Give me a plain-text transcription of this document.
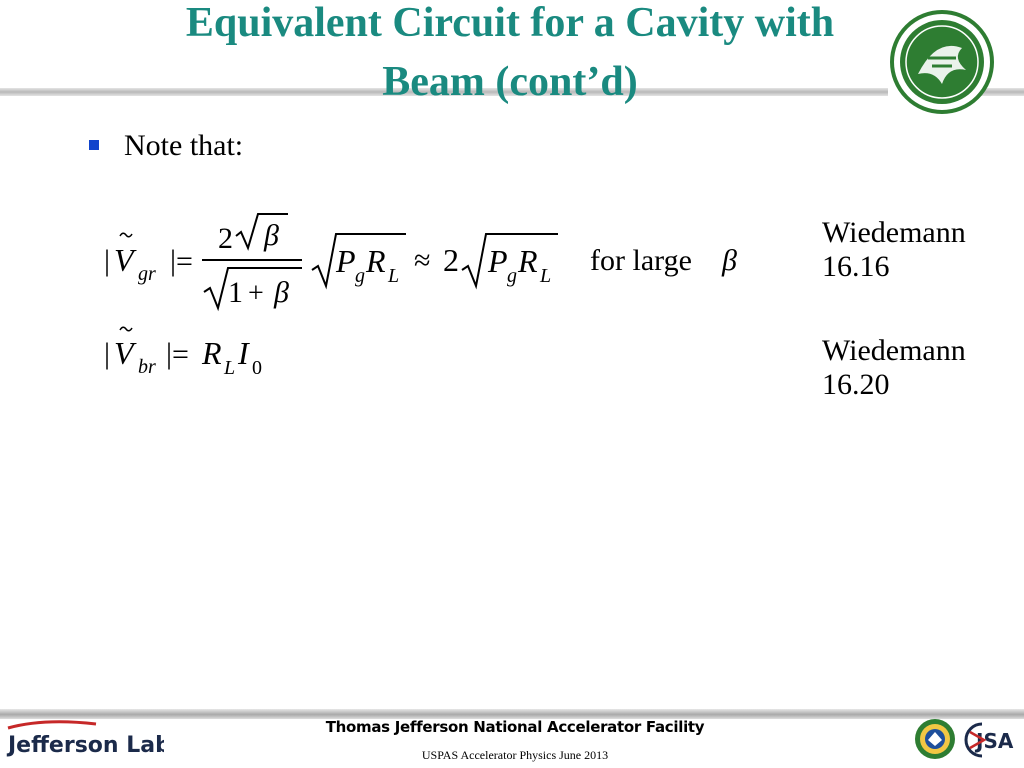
Equivalent Circuit for a Cavity with
Beam (cont’d)
Note that:
| V gr | =
2 β
1 + β
P g R L ≈ 2 P g R L for large β
Wiedemann
16.16
| V br | = R L I 0
Wiedemann
16.20
Jefferson Lab
Thomas Jefferson National Accelerator Facility
USPAS Accelerator Physics June 2013
JSA
